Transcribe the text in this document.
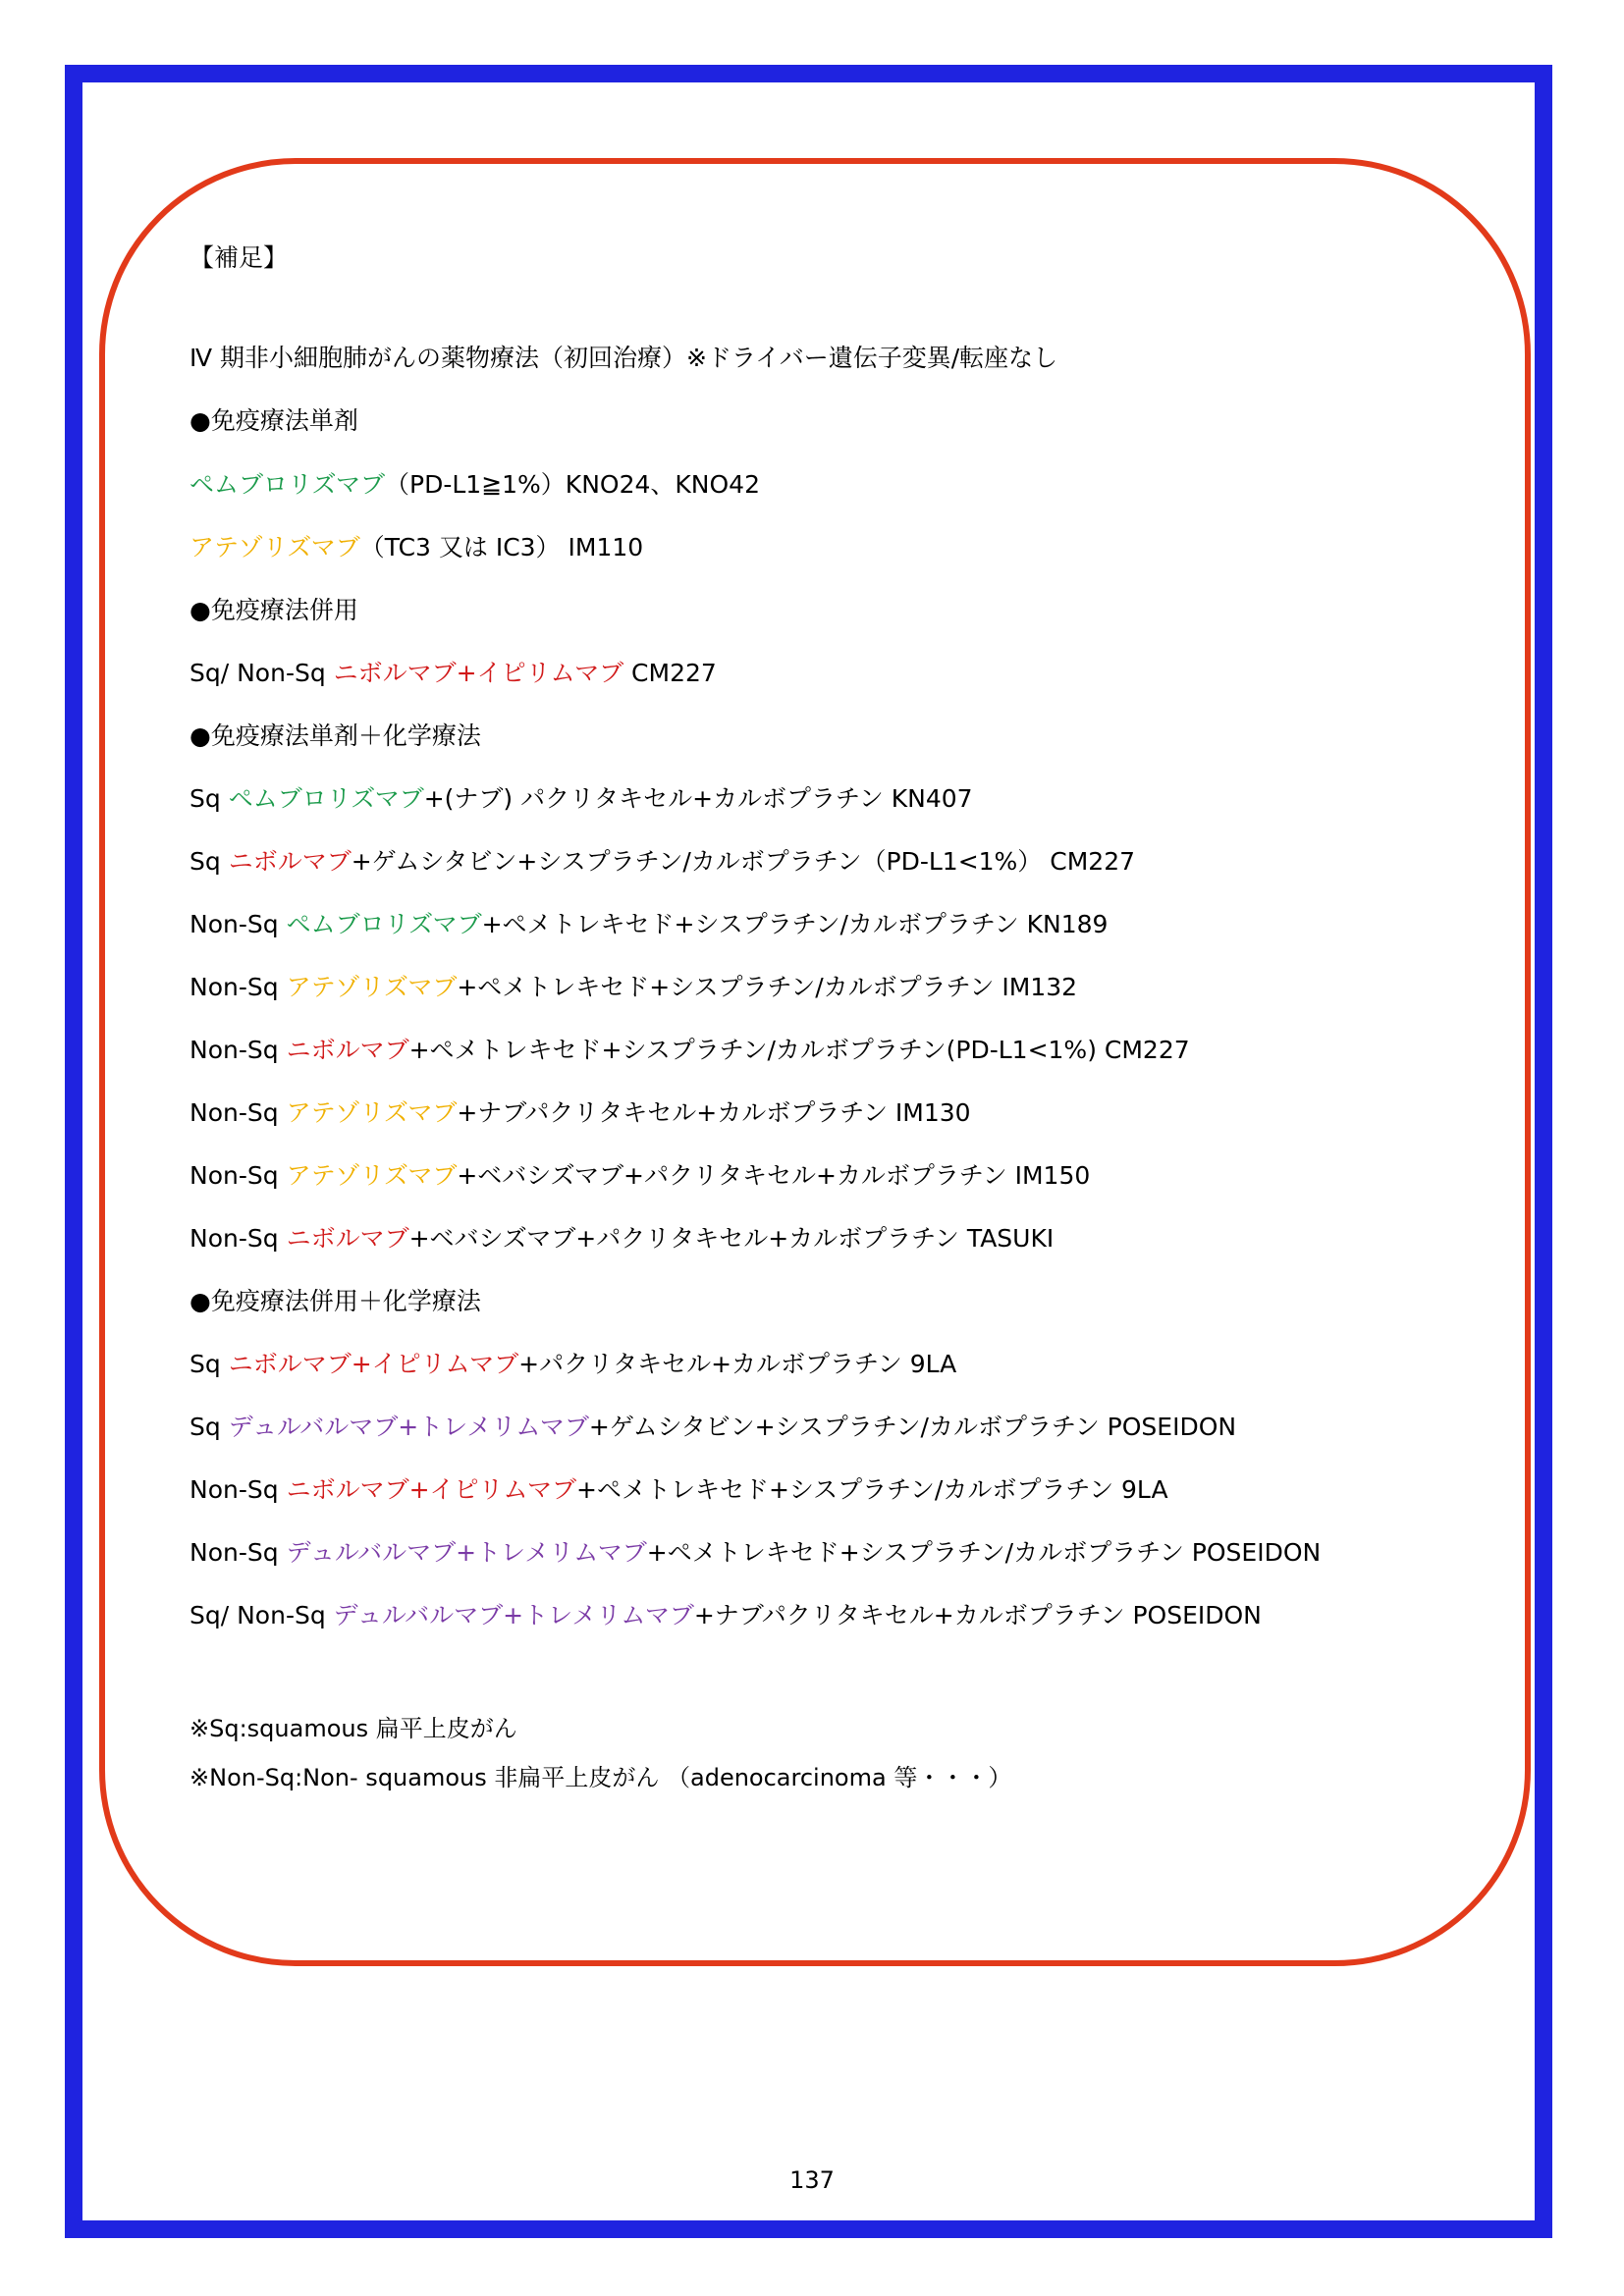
【補足】
Ⅳ 期非小細胞肺がんの薬物療法（初回治療）※ドライバー遺伝子変異/転座なし
●免疫療法単剤
ペムブロリズマブ（PD-L1≧1%）KNO24、KNO42
アテゾリズマブ（TC3 又は IC3） IM110
●免疫療法併用
Sq/ Non-Sq ニボルマブ+イピリムマブ CM227
●免疫療法単剤＋化学療法
Sq ペムブロリズマブ+(ナブ) パクリタキセル+カルボプラチン KN407
Sq ニボルマブ+ゲムシタビン+シスプラチン/カルボプラチン（PD-L1<1%） CM227
Non-Sq ペムブロリズマブ+ペメトレキセド+シスプラチン/カルボプラチン KN189
Non-Sq アテゾリズマブ+ペメトレキセド+シスプラチン/カルボプラチン IM132
Non-Sq ニボルマブ+ペメトレキセド+シスプラチン/カルボプラチン(PD-L1<1%) CM227
Non-Sq アテゾリズマブ+ナブパクリタキセル+カルボプラチン IM130
Non-Sq アテゾリズマブ+ベバシズマブ+パクリタキセル+カルボプラチン IM150
Non-Sq ニボルマブ+ベバシズマブ+パクリタキセル+カルボプラチン TASUKI
●免疫療法併用＋化学療法
Sq ニボルマブ+イピリムマブ+パクリタキセル+カルボプラチン 9LA
Sq デュルバルマブ+トレメリムマブ+ゲムシタビン+シスプラチン/カルボプラチン POSEIDON
Non-Sq ニボルマブ+イピリムマブ+ペメトレキセド+シスプラチン/カルボプラチン 9LA
Non-Sq デュルバルマブ+トレメリムマブ+ペメトレキセド+シスプラチン/カルボプラチン POSEIDON
Sq/ Non-Sq デュルバルマブ+トレメリムマブ+ナブパクリタキセル+カルボプラチン POSEIDON
※Sq:squamous 扁平上皮がん
※Non-Sq:Non- squamous 非扁平上皮がん （adenocarcinoma 等・・・）
137
